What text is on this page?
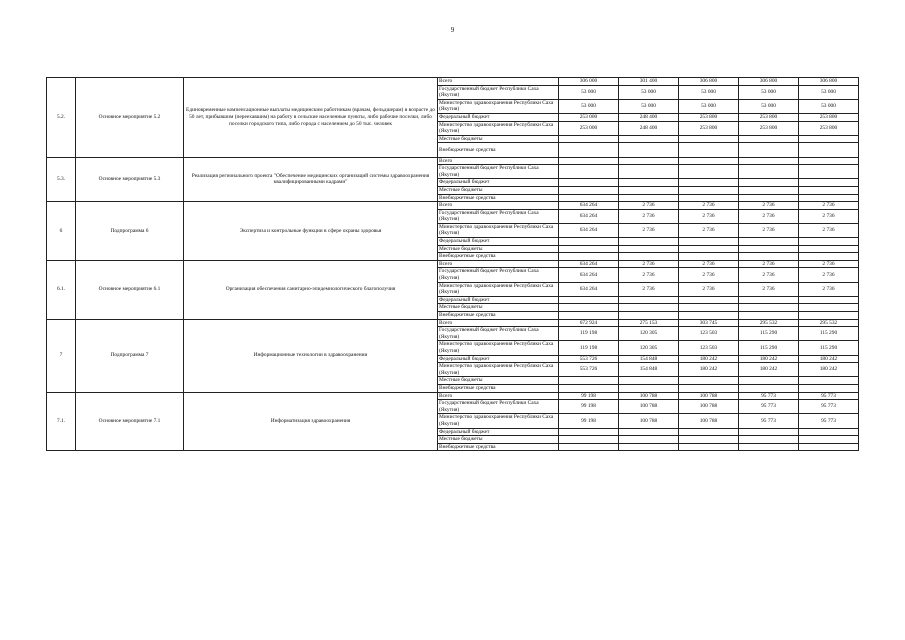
9
5.2.	Основное мероприятие 5.2	Единовременные компенсационные выплаты медицинским работникам (врачам, фельдшерам) в возрасте до 50 лет, прибывшим (переехавшим) на работу в сельские населенные пункты, либо рабочие поселки, либо поселки городского типа, либо города с населением до 50 тыс. человек	Всего	306 000	301 400	306 800	306 800	306 800
			Государственный бюджет Республики Саха (Якутия)	53 000	53 000	53 000	53 000	53 000
			Министерство здравоохранения Республики Саха (Якутия)	53 000	53 000	53 000	53 000	53 000
			Федеральный бюджет	253 000	248 400	253 800	253 800	253 800
			Министерство здравоохранения Республики Саха (Якутия)	253 000	248 400	253 800	253 800	253 800
			Местные бюджеты					
			Внебюджетные средства					
5.3.	Основное мероприятие 5.3	Реализация регионального проекта "Обеспечение медицинских организаций системы здравоохранения квалифицированными кадрами"	Всего					
			Государственный бюджет Республики Саха (Якутия)					
			Федеральный бюджет					
			Местные бюджеты					
			Внебюджетные средства					
6	Подпрограмма 6	Экспертиза и контрольные функции в сфере охраны здоровья	Всего	634 264	2 736	2 736	2 736	2 736
			Государственный бюджет Республики Саха (Якутия)	634 264	2 736	2 736	2 736	2 736
			Министерство здравоохранения Республики Саха (Якутия)	634 264	2 736	2 736	2 736	2 736
			Федеральный бюджет					
			Местные бюджеты					
			Внебюджетные средства					
6.1.	Основное мероприятие 6.1	Организация обеспечения санитарно-эпидемиологического благополучия	Всего	634 264	2 736	2 736	2 736	2 736
			Государственный бюджет Республики Саха (Якутия)	634 264	2 736	2 736	2 736	2 736
			Министерство здравоохранения Республики Саха (Якутия)	634 264	2 736	2 736	2 736	2 736
			Федеральный бюджет					
			Местные бюджеты					
			Внебюджетные средства					
7	Подпрограмма 7	Информационные технологии в здравоохранении	Всего	672 924	275 153	303 745	295 532	295 532
			Государственный бюджет Республики Саха (Якутия)	119 198	120 305	123 503	115 290	115 290
			Министерство здравоохранения Республики Саха (Якутия)	119 198	120 305	123 503	115 290	115 290
			Федеральный бюджет	553 726	154 848	180 242	180 242	180 242
			Министерство здравоохранения Республики Саха (Якутия)	553 726	154 848	180 242	180 242	180 242
			Местные бюджеты					
			Внебюджетные средства					
7.1.	Основное мероприятие 7.1	Информатизация здравоохранения	Всего	99 198	100 788	100 788	95 773	95 773
			Государственный бюджет Республики Саха (Якутия)	99 198	100 788	100 788	95 773	95 773
			Министерство здравоохранения Республики Саха (Якутия)	99 198	100 788	100 788	95 773	95 773
			Федеральный бюджет					
			Местные бюджеты					
			Внебюджетные средства					
